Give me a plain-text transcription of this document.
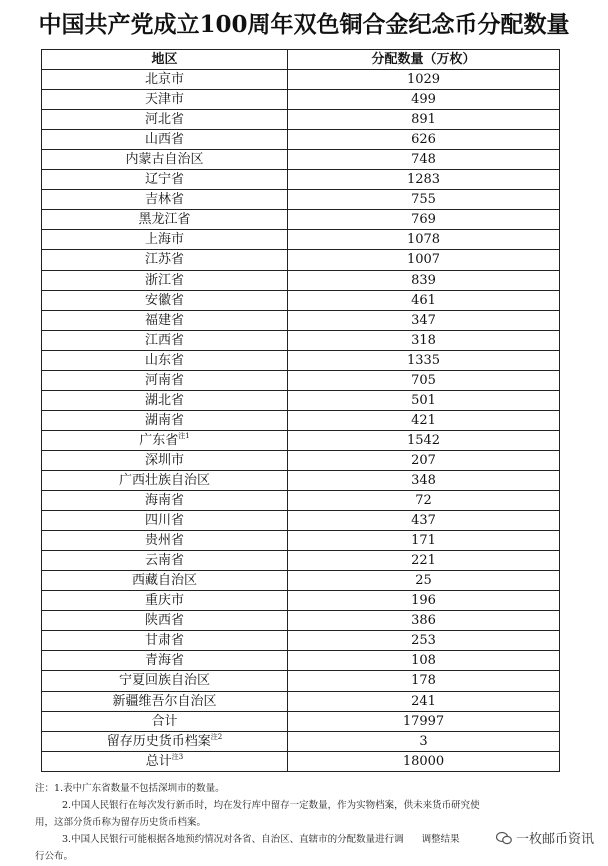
中国共产党成立100周年双色铜合金纪念币分配数量
地区	分配数量（万枚）
北京市	1029
天津市	499
河北省	891
山西省	626
内蒙古自治区	748
辽宁省	1283
吉林省	755
黑龙江省	769
上海市	1078
江苏省	1007
浙江省	839
安徽省	461
福建省	347
江西省	318
山东省	1335
河南省	705
湖北省	501
湖南省	421
广东省$^{注1}$	1542
深圳市	207
广西壮族自治区	348
海南省	72
四川省	437
贵州省	171
云南省	221
西藏自治区	25
重庆市	196
陕西省	386
甘肃省	253
青海省	108
宁夏回族自治区	178
新疆维吾尔自治区	241
合计	17997
留存历史货币档案$^{注2}$	3
总计$^{注3}$	18000
注：1.表中广东省数量不包括深圳市的数量。
2.中国人民银行在每次发行新币时，均在发行库中留存一定数量，作为实物档案，供未来货币研究使
用，这部分货币称为留存历史货币档案。
3.中国人民银行可能根据各地预约情况对各省、自治区、直辖市的分配数量进行调 调整结果
行公布。
一枚邮币资讯
